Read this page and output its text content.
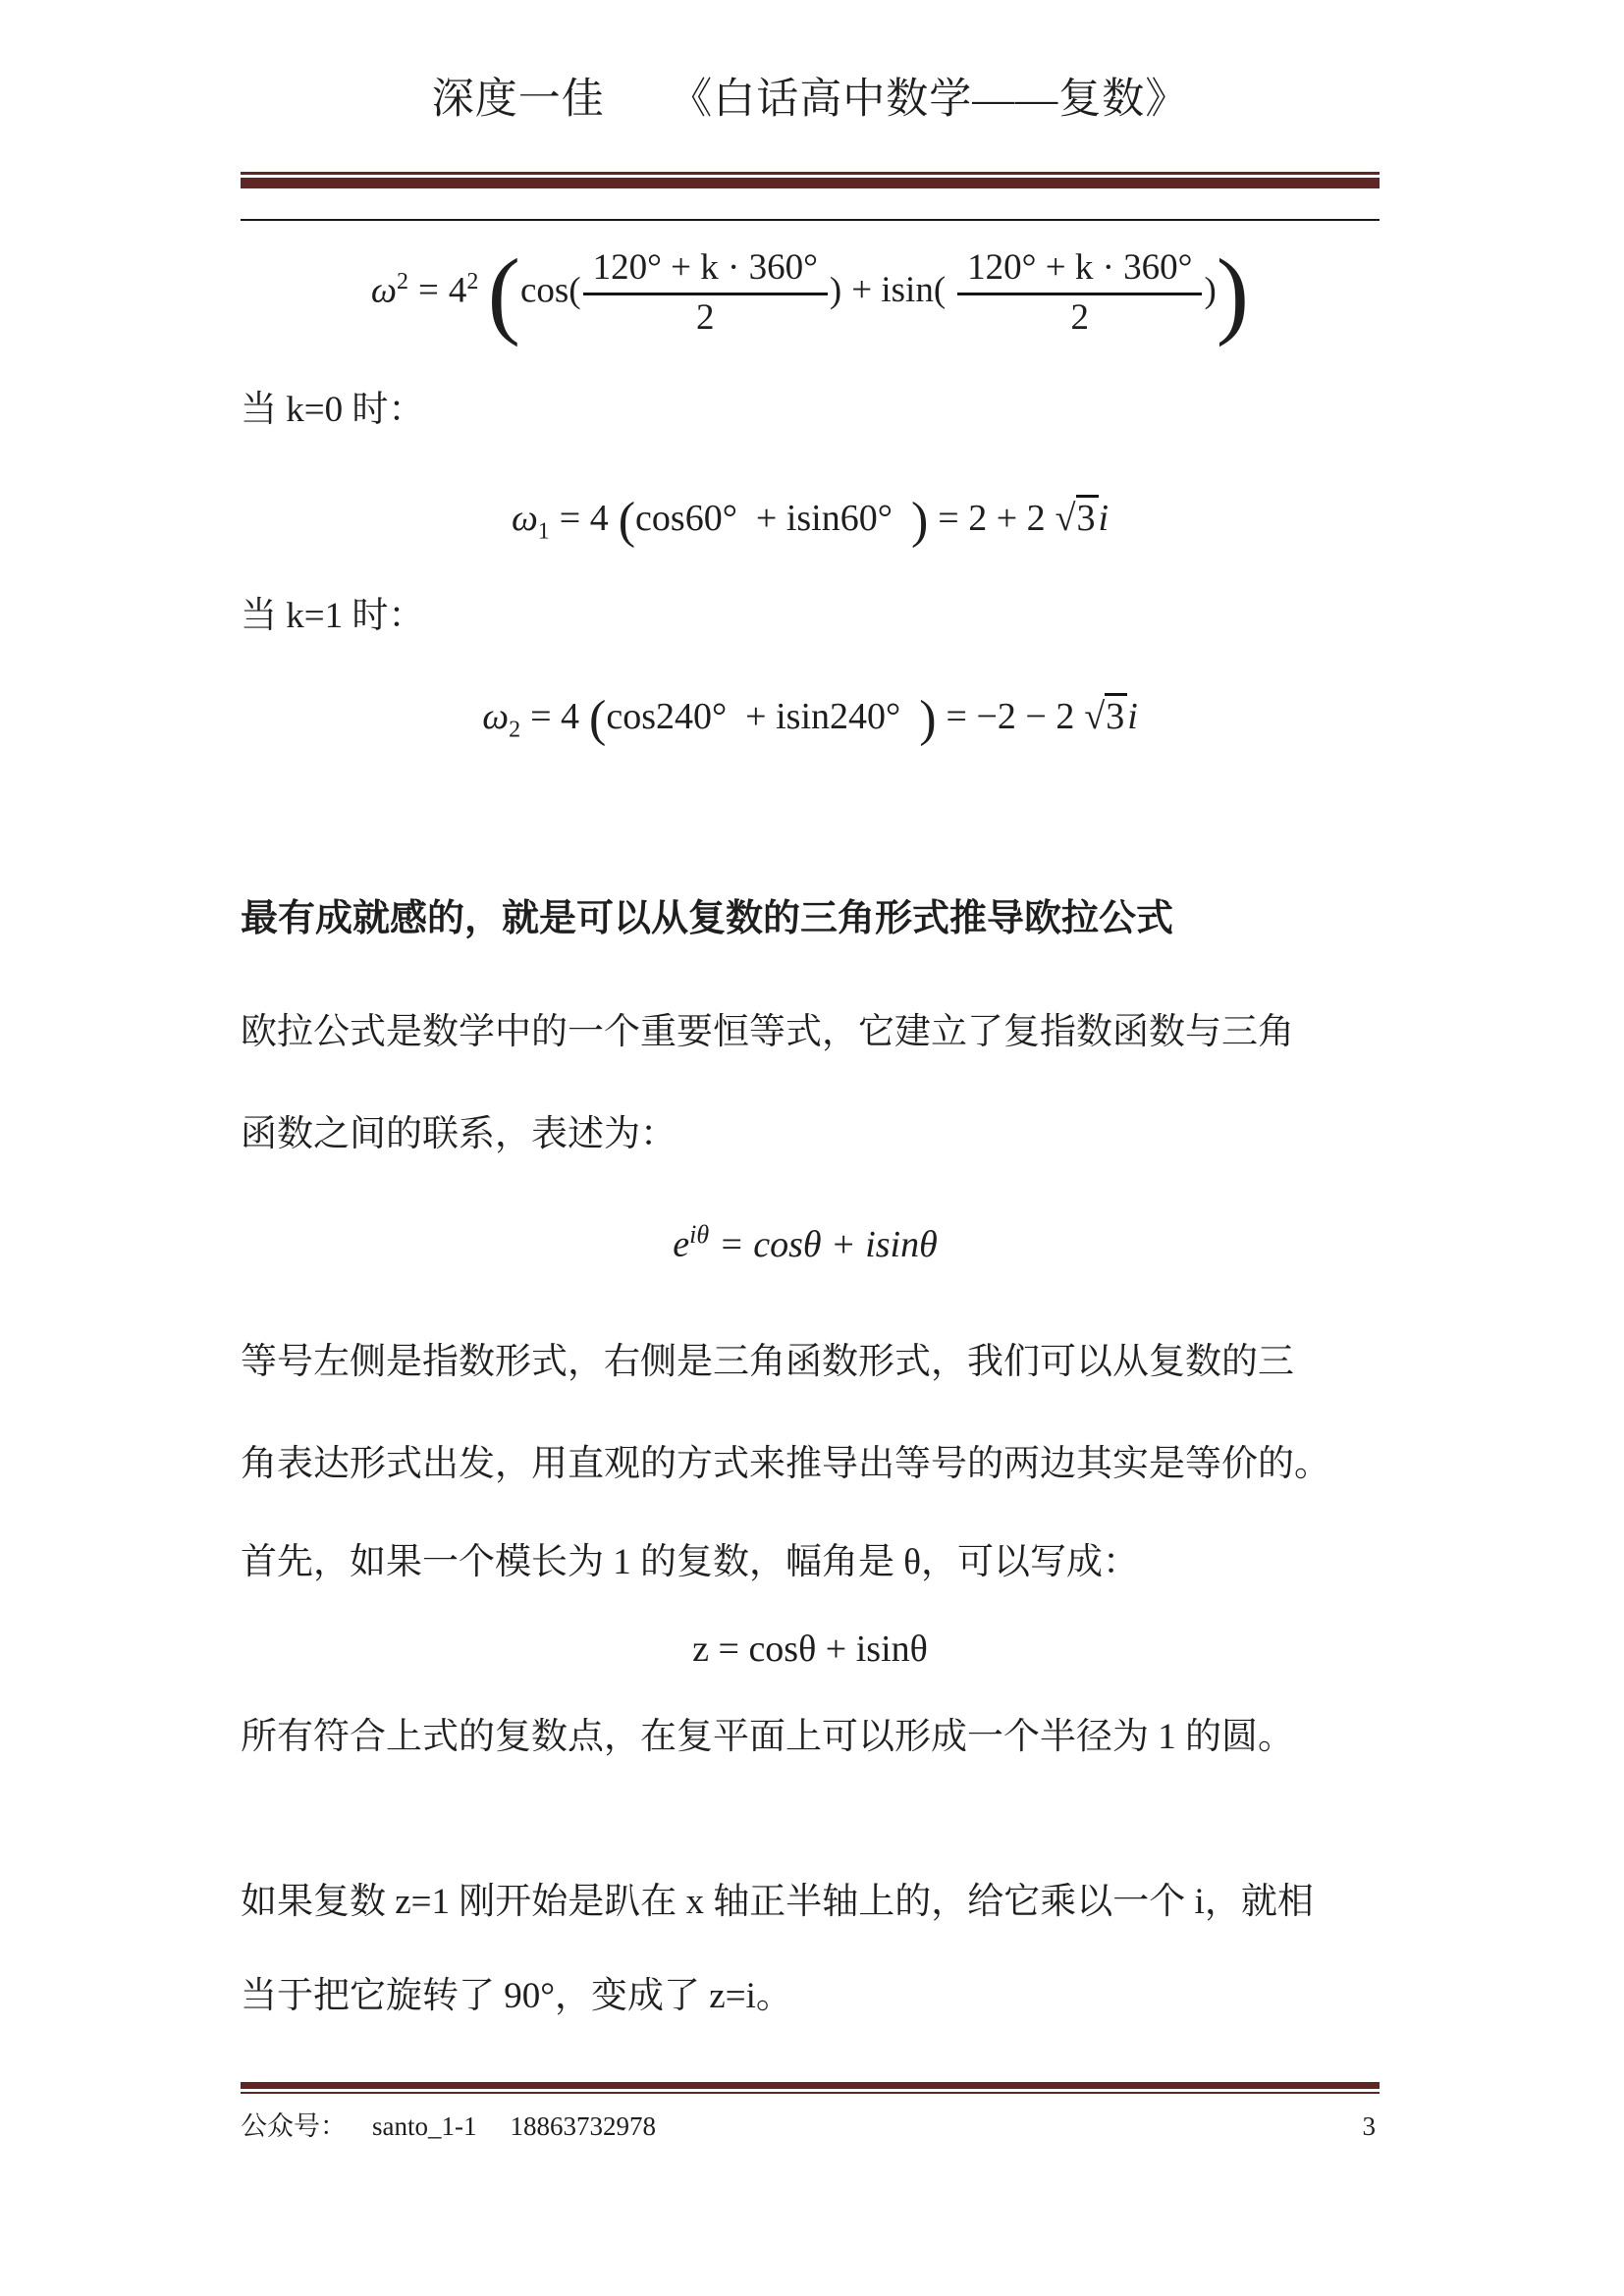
深度一佳　　《白话高中数学——复数》
$\omega^2 = 4^2$ ($\cos( \frac{120^\circ + k \cdot 360^\circ}{2}$ ) + $isin( \frac{120^\circ + k \cdot 360^\circ}{2}$ ))
当 k=0 时：
$\omega_1 = 4$ (cos60°  + isin60°  ) = 2 + 2 √3i
当 k=1 时：
$\omega_2 = 4$ (cos240°  + isin240°  ) = −2 − 2 √3i
最有成就感的，就是可以从复数的三角形式推导欧拉公式
欧拉公式是数学中的一个重要恒等式，它建立了复指数函数与三角
函数之间的联系，表述为：
$e^{i\theta} = \cos\theta + isin\theta$
等号左侧是指数形式，右侧是三角函数形式，我们可以从复数的三
角表达形式出发，用直观的方式来推导出等号的两边其实是等价的。
首先，如果一个模长为 1 的复数，幅角是 θ，可以写成：
z = cosθ + isinθ
所有符合上式的复数点，在复平面上可以形成一个半径为 1 的圆。
如果复数 z=1 刚开始是趴在 x 轴正半轴上的，给它乘以一个 i，就相
当于把它旋转了 90°，变成了 z=i。
公众号： santo_1-1 18863732978	3
